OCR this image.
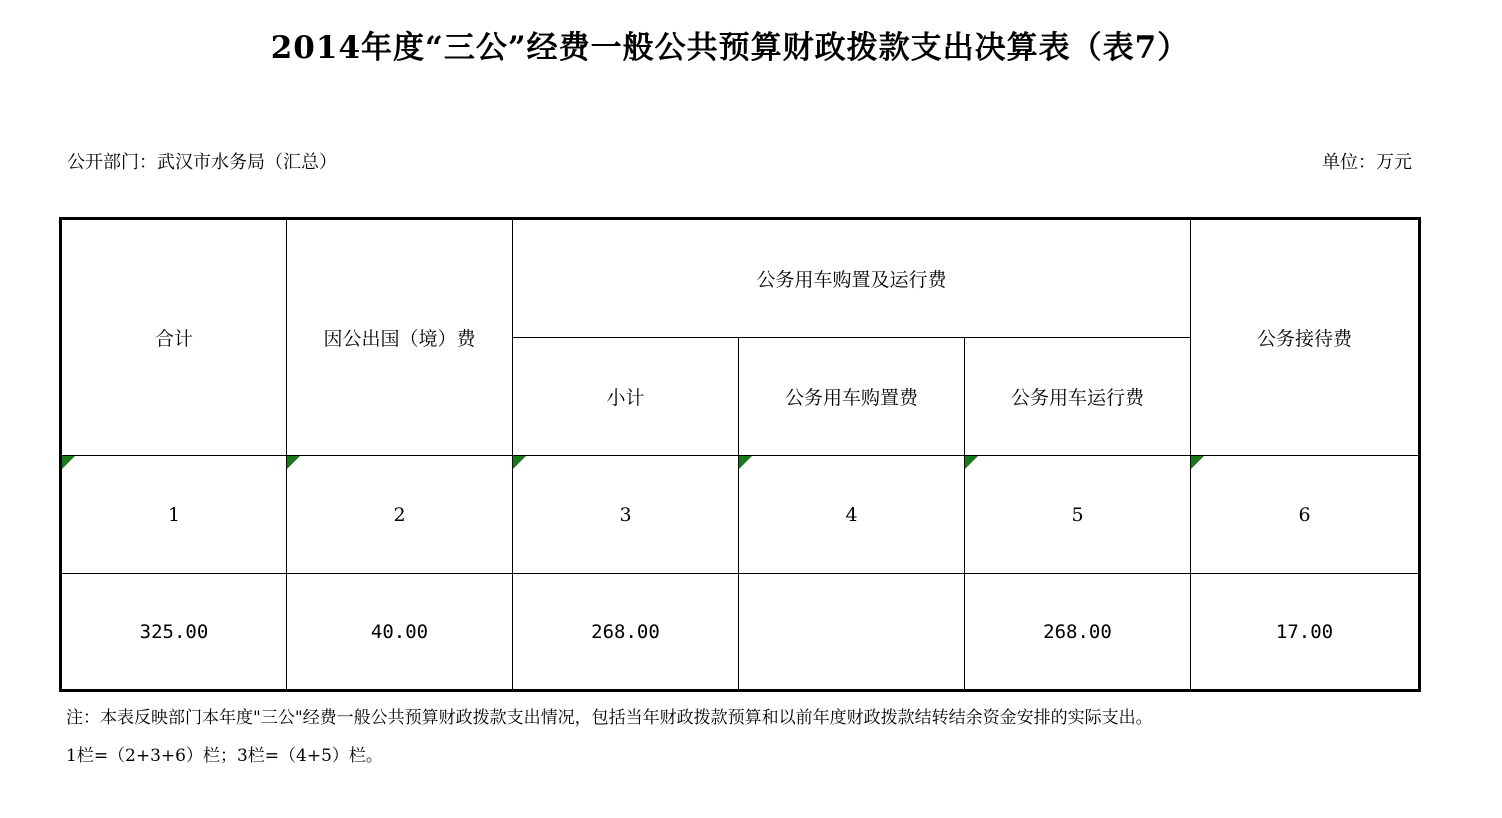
2014年度“三公”经费一般公共预算财政拨款支出决算表（表7）
公开部门：武汉市水务局（汇总）	单位：万元
合计	因公出国（境）费	公务用车购置及运行费			公务接待费
		小计	公务用车购置费	公务用车运行费	

1	2	3	4	5	6
325.00	40.00	268.00		268.00	17.00
注：本表反映部门本年度"三公"经费一般公共预算财政拨款支出情况，包括当年财政拨款预算和以前年度财政拨款结转结余资金安排的实际支出。
1栏=（2+3+6）栏；3栏=（4+5）栏。
